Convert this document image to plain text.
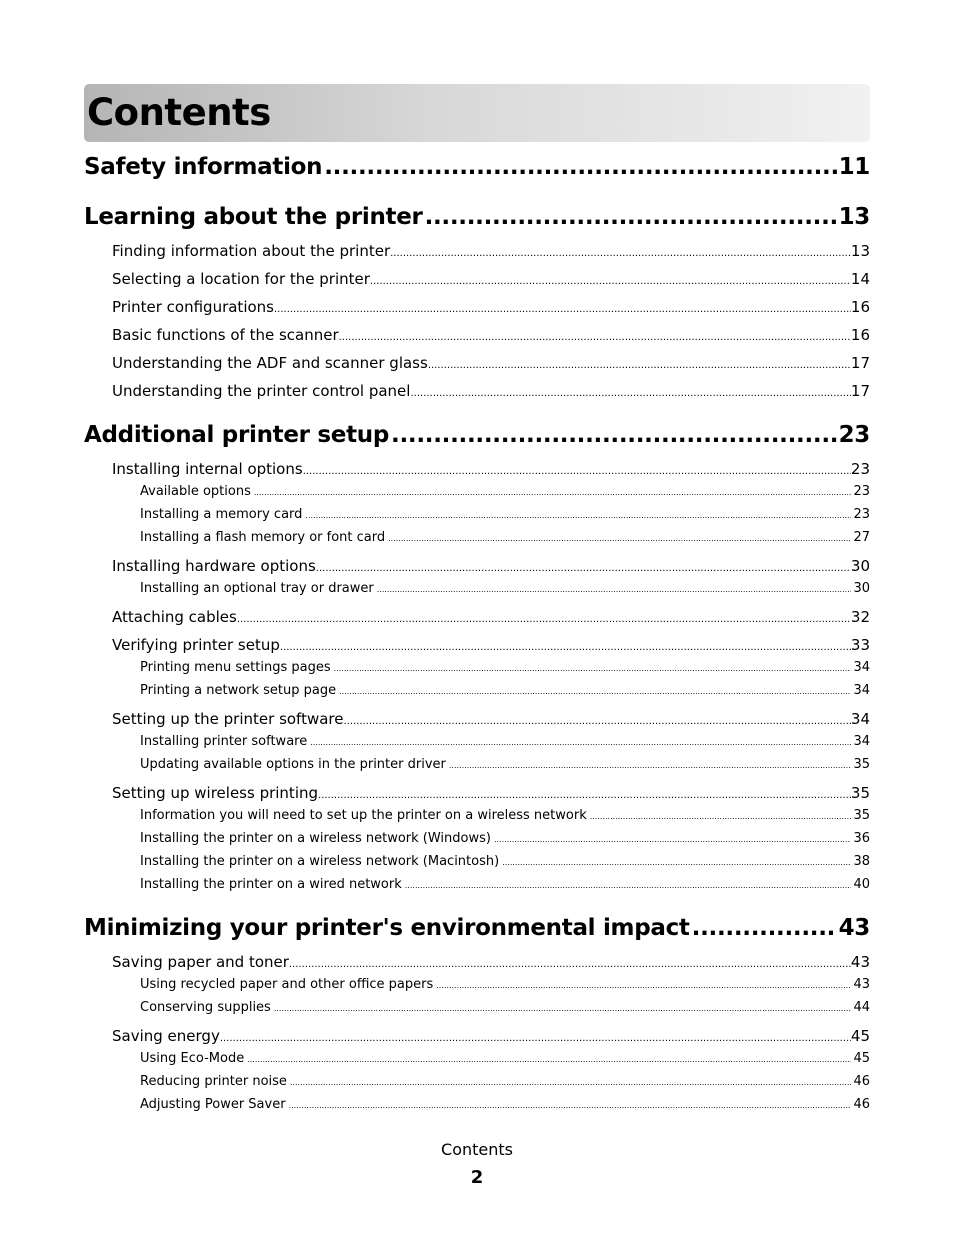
Contents
Safety information .....	11
Learning about the printer .....	13
Finding information about the printer .....	13
Selecting a location for the printer .....	14
Printer configurations .....	16
Basic functions of the scanner .....	16
Understanding the ADF and scanner glass .....	17
Understanding the printer control panel .....	17
Additional printer setup .....	23
Installing internal options .....	23
Available options .....	23
Installing a memory card .....	23
Installing a flash memory or font card .....	27
Installing hardware options .....	30
Installing an optional tray or drawer .....	30
Attaching cables .....	32
Verifying printer setup .....	33
Printing menu settings pages .....	34
Printing a network setup page .....	34
Setting up the printer software .....	34
Installing printer software .....	34
Updating available options in the printer driver .....	35
Setting up wireless printing .....	35
Information you will need to set up the printer on a wireless network .....	35
Installing the printer on a wireless network (Windows) .....	36
Installing the printer on a wireless network (Macintosh) .....	38
Installing the printer on a wired network .....	40
Minimizing your printer's environmental impact .....	43
Saving paper and toner .....	43
Using recycled paper and other office papers .....	43
Conserving supplies .....	44
Saving energy .....	45
Using Eco-Mode .....	45
Reducing printer noise .....	46
Adjusting Power Saver .....	46
Contents
2
